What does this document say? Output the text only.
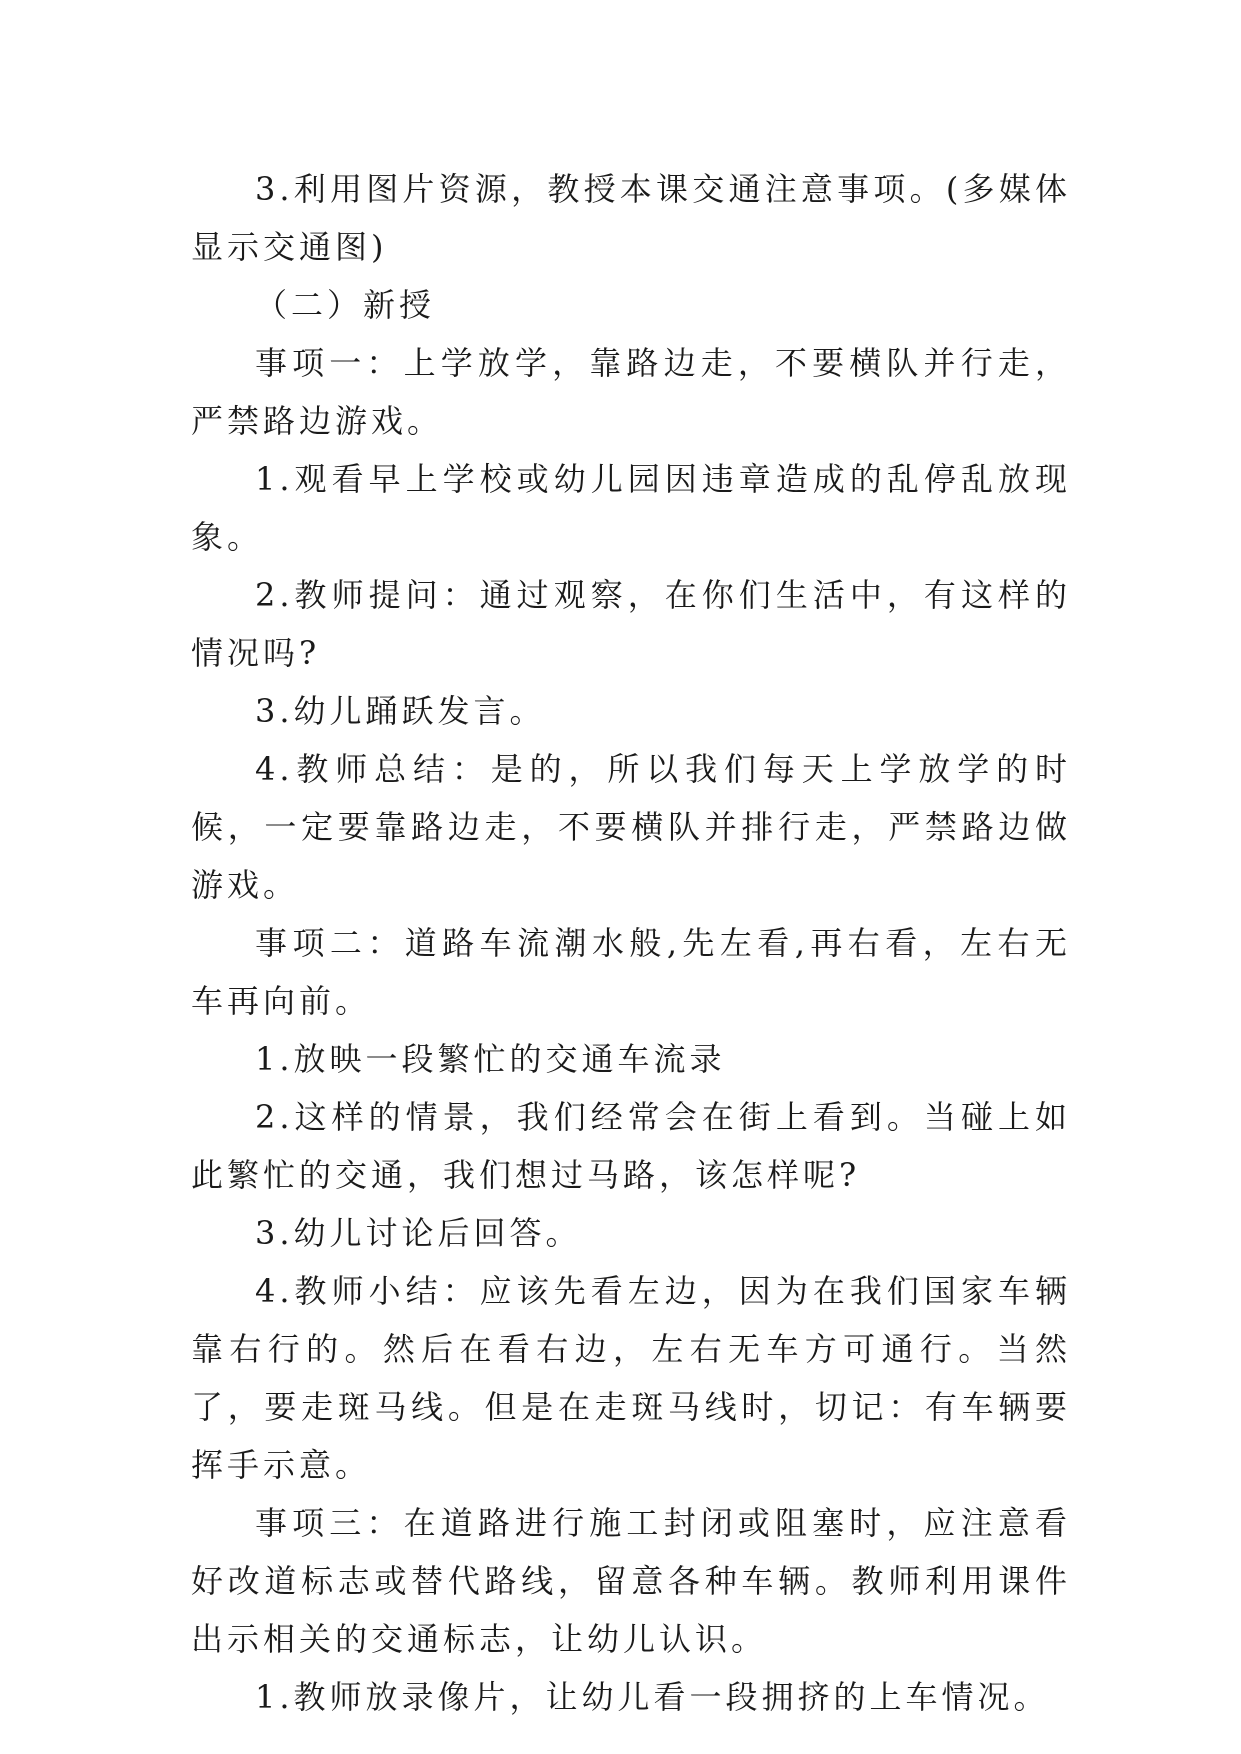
3.利用图片资源，教授本课交通注意事项。(多媒体显示交通图)

（二）新授

事项一：上学放学，靠路边走，不要横队并行走，严禁路边游戏。

1.观看早上学校或幼儿园因违章造成的乱停乱放现象。

2.教师提问：通过观察，在你们生活中，有这样的情况吗?

3.幼儿踊跃发言。

4.教师总结：是的，所以我们每天上学放学的时候，一定要靠路边走，不要横队并排行走，严禁路边做游戏。

事项二：道路车流潮水般,先左看,再右看，左右无车再向前。

1.放映一段繁忙的交通车流录

2.这样的情景，我们经常会在街上看到。当碰上如此繁忙的交通，我们想过马路，该怎样呢?

3.幼儿讨论后回答。

4.教师小结：应该先看左边，因为在我们国家车辆靠右行的。然后在看右边，左右无车方可通行。当然了，要走斑马线。但是在走斑马线时，切记：有车辆要挥手示意。

事项三：在道路进行施工封闭或阻塞时，应注意看好改道标志或替代路线，留意各种车辆。教师利用课件出示相关的交通标志，让幼儿认识。

1.教师放录像片，让幼儿看一段拥挤的上车情况。
